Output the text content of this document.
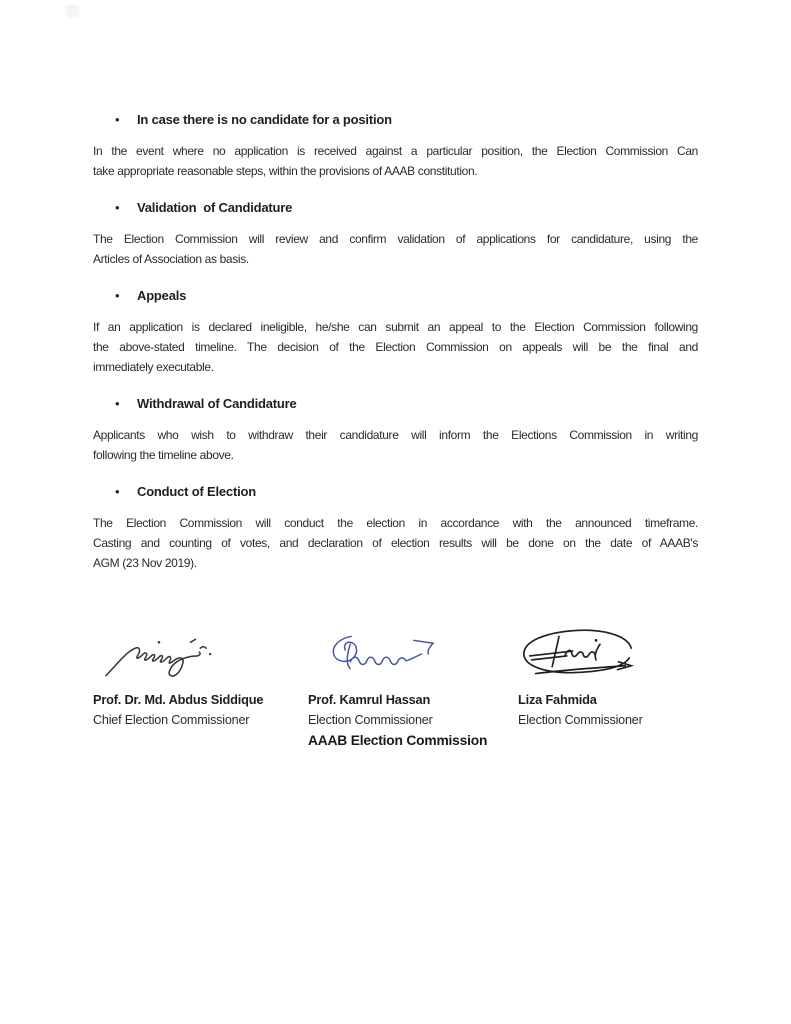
• In case there is no candidate for a position
In the event where no application is received against a particular position, the Election Commission Can
take appropriate reasonable steps, within the provisions of AAAB constitution.
• Validation  of Candidature
The Election Commission will review and confirm validation of applications for candidature, using the
Articles of Association as basis.
• Appeals
If an application is declared ineligible, he/she can submit an appeal to the Election Commission following
the above-stated timeline. The decision of the Election Commission on appeals will be the final and
immediately executable.
• Withdrawal of Candidature
Applicants who wish to withdraw their candidature will inform the Elections Commission in writing
following the timeline above.
• Conduct of Election
The Election Commission will conduct the election in accordance with the announced timeframe.
Casting and counting of votes, and declaration of election results will be done on the date of AAAB's
AGM (23 Nov 2019).
Prof. Dr. Md. Abdus Siddique
Chief Election Commissioner
Prof. Kamrul Hassan
Election Commissioner
AAAB Election Commission
Liza Fahmida
Election Commissioner
